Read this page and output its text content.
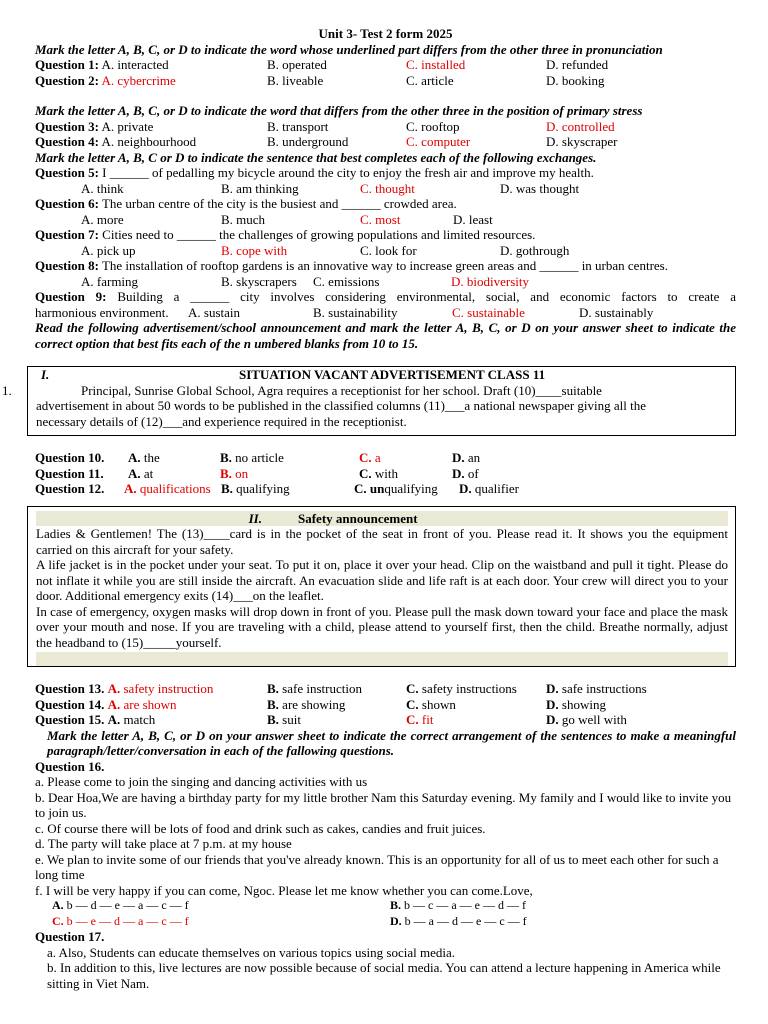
Unit 3- Test 2 form 2025
Mark the letter A, B, C, or D to indicate the word whose underlined part differs from the other three in pronunciation
Question 1: A. interacted	B. operated	C. installed	D. refunded
Question 2: A. cybercrime	B. liveable	C. article	D. booking
Mark the letter A, B, C, or D to indicate the word that differs from the other three in the position of primary stress
Question 3: A. private	B. transport	C. rooftop	D. controlled
Question 4: A. neighbourhood	B. underground	C. computer	D. skyscraper
Mark the letter A, B, C or D to indicate the sentence that best completes each of the following exchanges.
Question 5: I ______ of pedalling my bicycle around the city to enjoy the fresh air and improve my health.
A. think	B. am thinking	C. thought	D. was thought
Question 6: The urban centre of the city is the busiest and ______ crowded area.
A. more	B. much	C. most	D. least
Question 7: Cities need to ______ the challenges of growing populations and limited resources.
A. pick up	B. cope with	C. look for	D. gothrough
Question 8: The installation of rooftop gardens is an innovative way to increase green areas and ______ in urban centres.
A. farming	B. skyscrapers	C. emissions	D. biodiversity
Question 9: Building a ______ city involves considering environmental, social, and economic factors to create a
harmonious environment.	A. sustain	B. sustainability	C. sustainable	D. sustainably
Read the following advertisement/school announcement and mark the letter A, B, C, or D on your answer sheet to indicate the correct option that best fits each of the n umbered blanks from 10 to 15.
I.	SITUATION VACANT ADVERTISEMENT CLASS 11
1.	Principal, Sunrise Global School, Agra requires a receptionist for her school. Draft (10)____suitable
advertisement in about 50 words to be published in the classified columns (11)___a national newspaper giving all the
necessary details of (12)___and experience required in the receptionist.
Question 10.	A. the	B. no article	C. a	D. an
Question 11.	A. at	B. on	C. with	D. of
Question 12.	A. qualifications B. qualifying	C. unqualifying	D. qualifier
II.	Safety announcement
Ladies & Gentlemen! The (13)____card is in the pocket of the seat in front of you. Please read it. It shows you the equipment carried on this aircraft for your safety.
A life jacket is in the pocket under your seat. To put it on, place it over your head. Clip on the waistband and pull it tight. Please do not inflate it while you are still inside the aircraft. An evacuation slide and life raft is at each door. Your crew will direct you to your door. Additional emergency exits (14)___on the leaflet.
In case of emergency, oxygen masks will drop down in front of you. Please pull the mask down toward your face and place the mask over your mouth and nose. If you are traveling with a child, please attend to yourself first, then the child. Breathe normally, adjust the headband to (15)_____yourself.
Question 13. A. safety instruction	B. safe instruction	C. safety instructions	D. safe instructions
Question 14. A. are shown	B. are showing	C. shown	D. showing
Question 15. A. match	B. suit	C. fit	D. go well with
Mark the letter A, B, C, or D on your answer sheet to indicate the correct arrangement of the sentences to make a meaningful paragraph/letter/conversation in each of the fallowing questions.
Question 16.
a. Please come to join the singing and dancing activities with us
b. Dear Hoa,We are having a birthday party for my little brother Nam this Saturday evening. My family and I would like to invite you to join us.
c. Of course there will be lots of food and drink such as cakes, candies and fruit juices.
d. The party will take place at 7 p.m. at my house
e. We plan to invite some of our friends that you've already known. This is an opportunity for all of us to meet each other for such a long time
f. I will be very happy if you can come, Ngoc. Please let me know whether you can come.Love,
A. b — d — e — a — c — f	B. b — c — a — e — d — f
C. b — e — d — a — c — f	D. b — a — d — e — c — f
Question 17.
a. Also, Students can educate themselves on various topics using social media.
b. In addition to this, live lectures are now possible because of social media. You can attend a lecture happening in America while sitting in Viet Nam.
